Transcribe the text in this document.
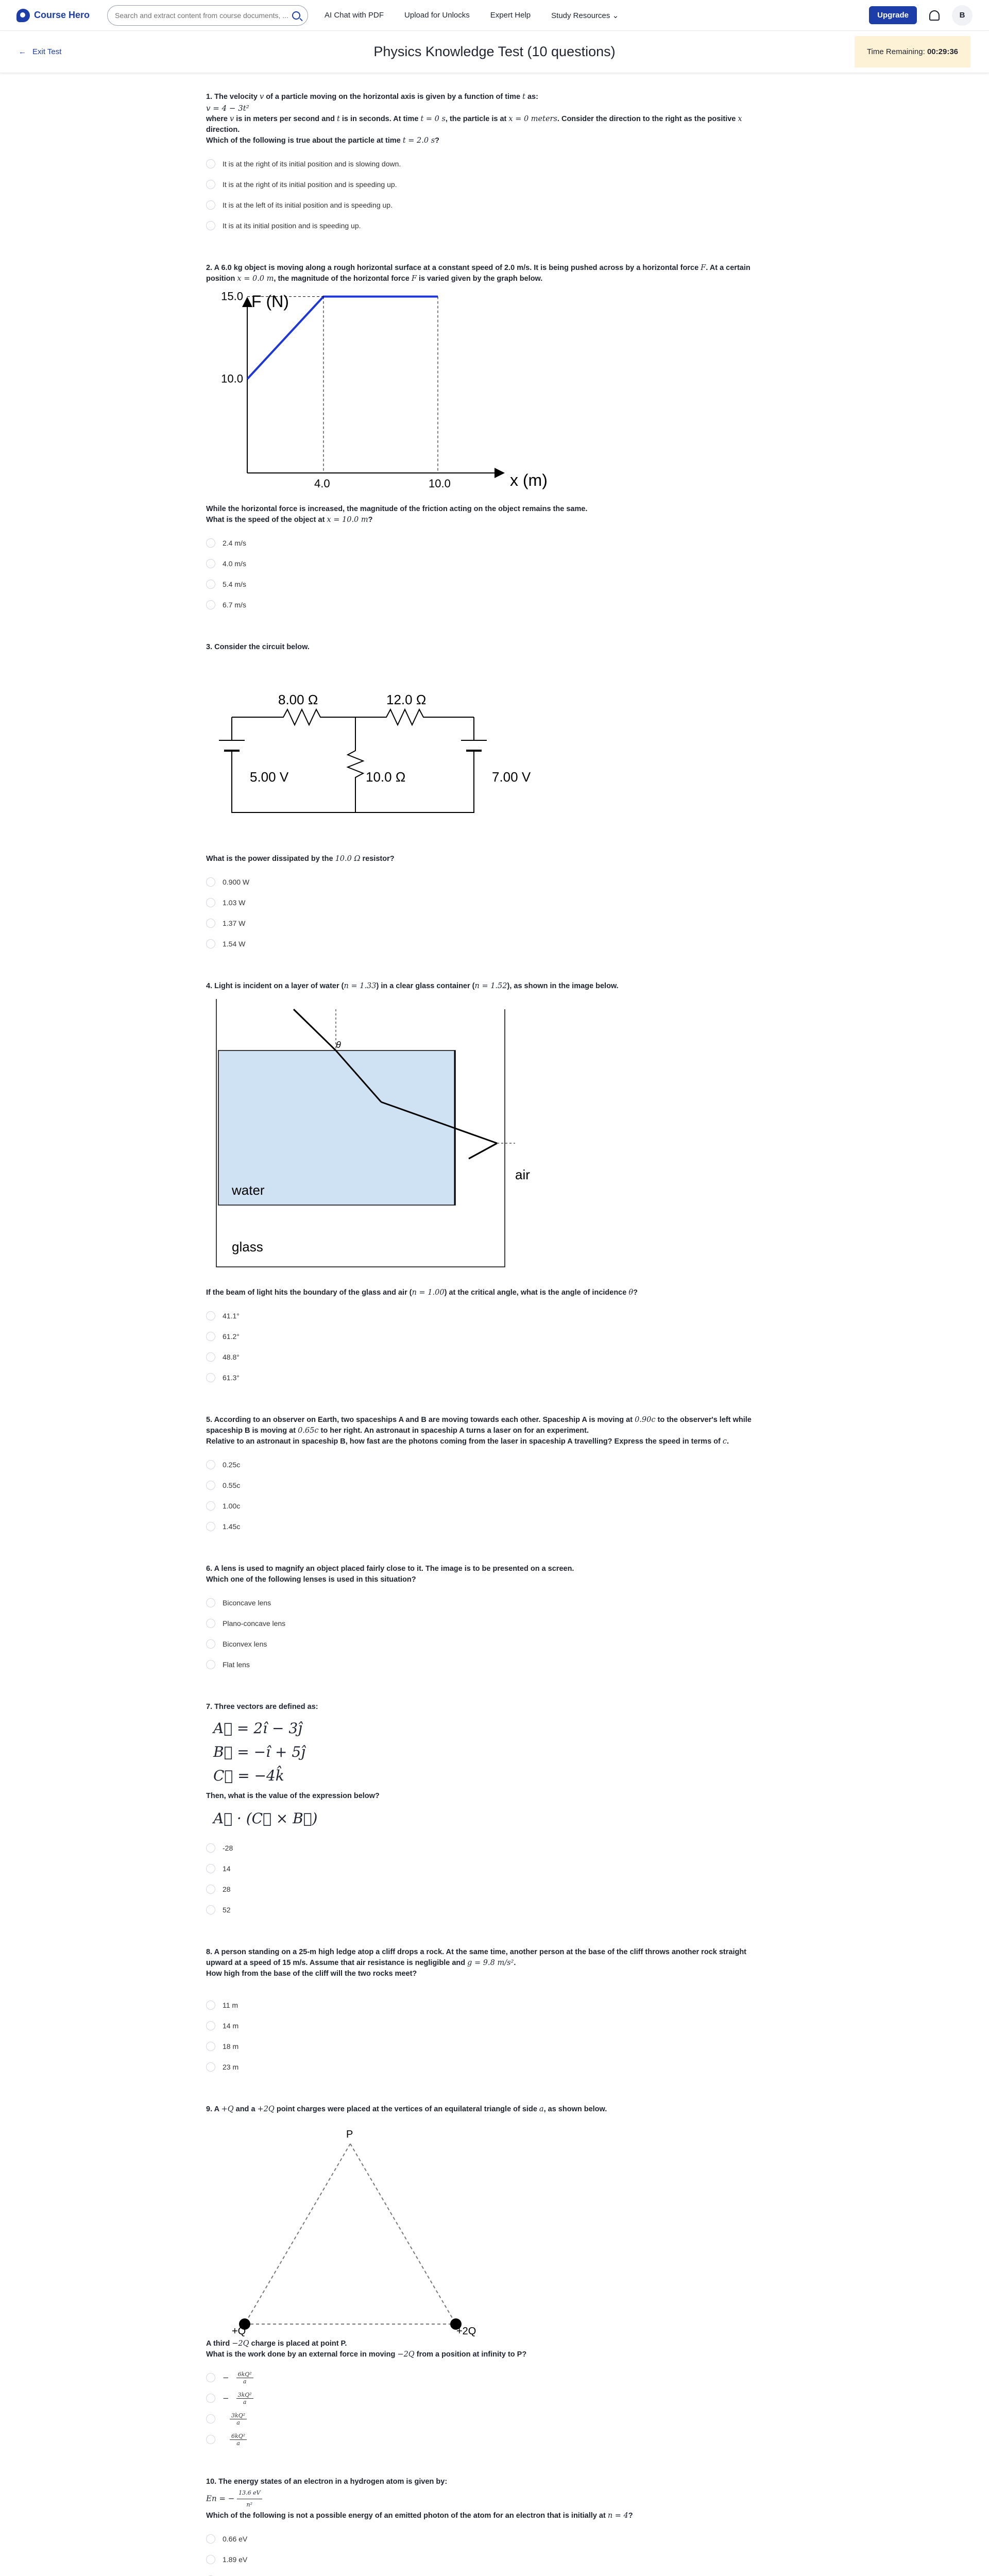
Course Hero
Search and extract content from course documents, ...	AI Chat with PDF	Upload for Unlocks	Expert Help	Study Resources ⌄	Upgrade	B
← Exit Test	Physics Knowledge Test (10 questions)	Time Remaining: 00:29:36
1. The velocity v of a particle moving on the horizontal axis is given by a function of time t as:
v = 4 − 3t²
where v is in meters per second and t is in seconds. At time t = 0 s, the particle is at x = 0 meters. Consider the direction to the right as the positive x
direction.
Which of the following is true about the particle at time t = 2.0 s?
It is at the right of its initial position and is slowing down.
It is at the right of its initial position and is speeding up.
It is at the left of its initial position and is speeding up.
It is at its initial position and is speeding up.
2. A 6.0 kg object is moving along a rough horizontal surface at a constant speed of 2.0 m/s. It is being pushed across by a horizontal force F. At a certain
position x = 0.0 m, the magnitude of the horizontal force F is varied given by the graph below.
F (N)
x (m)
4.0	10.0
10.0
15.0
While the horizontal force is increased, the magnitude of the friction acting on the object remains the same.
What is the speed of the object at x = 10.0 m?
2.4 m/s
4.0 m/s
5.4 m/s
6.7 m/s
3. Consider the circuit below.
8.00 Ω	12.0 Ω
10.0 Ω
5.00 V	7.00 V
What is the power dissipated by the 10.0 Ω resistor?
0.900 W
1.03 W
1.37 W
1.54 W
4. Light is incident on a layer of water (n = 1.33) in a clear glass container (n = 1.52), as shown in the image below.
θ
water
glass
air
If the beam of light hits the boundary of the glass and air (n = 1.00) at the critical angle, what is the angle of incidence θ?
41.1°
61.2°
48.8°
61.3°
5. According to an observer on Earth, two spaceships A and B are moving towards each other. Spaceship A is moving at 0.90c to the observer's left while
spaceship B is moving at 0.65c to her right. An astronaut in spaceship A turns a laser on for an experiment.
Relative to an astronaut in spaceship B, how fast are the photons coming from the laser in spaceship A travelling? Express the speed in terms of c.
0.25c
0.55c
1.00c
1.45c
6. A lens is used to magnify an object placed fairly close to it. The image is to be presented on a screen.
Which one of the following lenses is used in this situation?
Biconcave lens
Plano-concave lens
Biconvex lens
Flat lens
7. Three vectors are defined as:
A⃗ = 2î − 3ĵ
B⃗ = −î + 5ĵ
C⃗ = −4k̂
Then, what is the value of the expression below?
A⃗ · (C⃗ × B⃗)
-28
14
28
52
8. A person standing on a 25-m high ledge atop a cliff drops a rock. At the same time, another person at the base of the cliff throws another rock straight
upward at a speed of 15 m/s. Assume that air resistance is negligible and g = 9.8 m/s².
How high from the base of the cliff will the two rocks meet?
11 m
14 m
18 m
23 m
9. A +Q and a +2Q point charges were placed at the vertices of an equilateral triangle of side a, as shown below.
P
+Q	+2Q
A third −2Q charge is placed at point P.
What is the work done by an external force in moving −2Q from a position at infinity to P?
− $\frac{\text{6kQ²}}{a}$
− $\frac{\text{3kQ²}}{a}$
$\frac{\text{3kQ²}}{a}$
$\frac{\text{6kQ²}}{a}$
10. The energy states of an electron in a hydrogen atom is given by:
En = − $\frac{13.6 eV}{\text{n²}}$
Which of the following is not a possible energy of an emitted photon of the atom for an electron that is initially at n = 4?
0.66 eV
1.89 eV
